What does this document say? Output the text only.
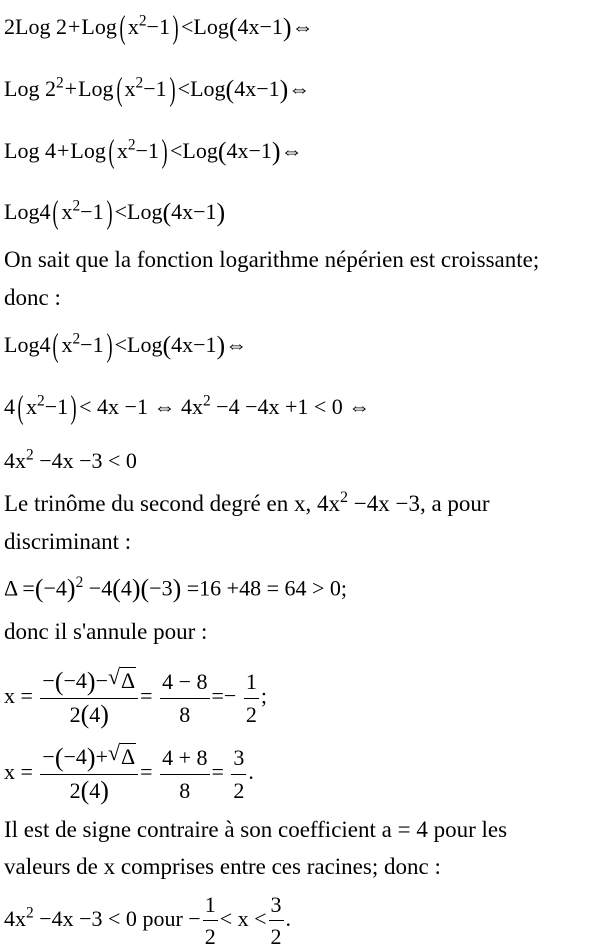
2Log 2+Log( $x^2-1$) <Log(4x−1)⇔
Log $2^2+Log$( $x^2-1$) <Log(4x−1)⇔
Log 4+Log( $x^2-1$) <Log(4x−1)⇔
Log4( $x^2-1) <Log(4x-1)$
On sait que la fonction logarithme népérien est croissante;
donc :
Log4( $x^2-1$) <Log(4x−1)⇔
4( $x^2-1) < 4x -1$ ⇔ $4x^2 -4 -4x +1 < 0$ ⇔
$4x^2 -4x -3 < 0$
Le trinôme du second degré en x, $4x^2 -4x -3$, a pour
discriminant :
$\Delta =(-4)^2 -4(4)(-3) =16 +48 = 64 > 0$;
donc il s'annule pour :
$x = \frac{-(-4)- √ \Delta}{2(4)} = \frac{4 - 8}{8} =- \frac{1}{2}$ ;
$x = \frac{-(-4)+ √ \Delta}{2(4)} = \frac{4 + 8}{8} = \frac{3}{2}$ .
Il est de signe contraire à son coefficient a = 4 pour les
valeurs de x comprises entre ces racines; donc :
$4x^2 -4x -3 < 0$ pour − $\frac{1}{2} < x < \frac{3}{2}$ .
